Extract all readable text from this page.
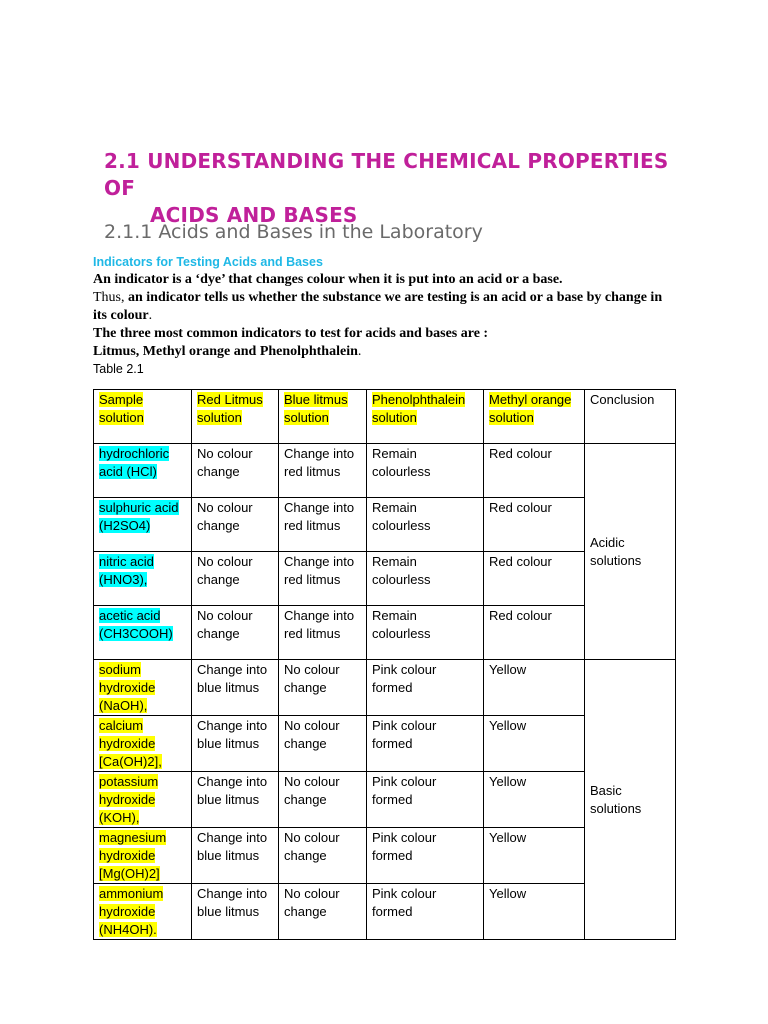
2.1 UNDERSTANDING THE CHEMICAL PROPERTIES OF
ACIDS AND BASES
2.1.1 Acids and Bases in the Laboratory
Indicators for Testing Acids and Bases
An indicator is a ‘dye’ that changes colour when it is put into an acid or a base.
Thus, an indicator tells us whether the substance we are testing is an acid or a base by change in its colour.
The three most common indicators to test for acids and bases are :
Litmus, Methyl orange and Phenolphthalein.
Table 2.1
Sample solution	Red Litmus solution	Blue litmus solution	Phenolphthalein solution	Methyl orange solution	Conclusion
hydrochloric acid (HCl)	No colour change	Change into red litmus	Remain colourless	Red colour	Acidic solutions

sulphuric acid (H2SO4)	No colour change	Change into red litmus	Remain colourless	Red colour	
nitric acid (HNO3),	No colour change	Change into red litmus	Remain colourless	Red colour	
acetic acid (CH3COOH)	No colour change	Change into red litmus	Remain colourless	Red colour	
sodium hydroxide (NaOH),	Change into blue litmus	No colour change	Pink colour formed	Yellow	Basic solutions

calcium hydroxide [Ca(OH)2],	Change into blue litmus	No colour change	Pink colour formed	Yellow	
potassium hydroxide (KOH),	Change into blue litmus	No colour change	Pink colour formed	Yellow	
magnesium hydroxide [Mg(OH)2]	Change into blue litmus	No colour change	Pink colour formed	Yellow	
ammonium hydroxide (NH4OH).	Change into blue litmus	No colour change	Pink colour formed	Yellow	
